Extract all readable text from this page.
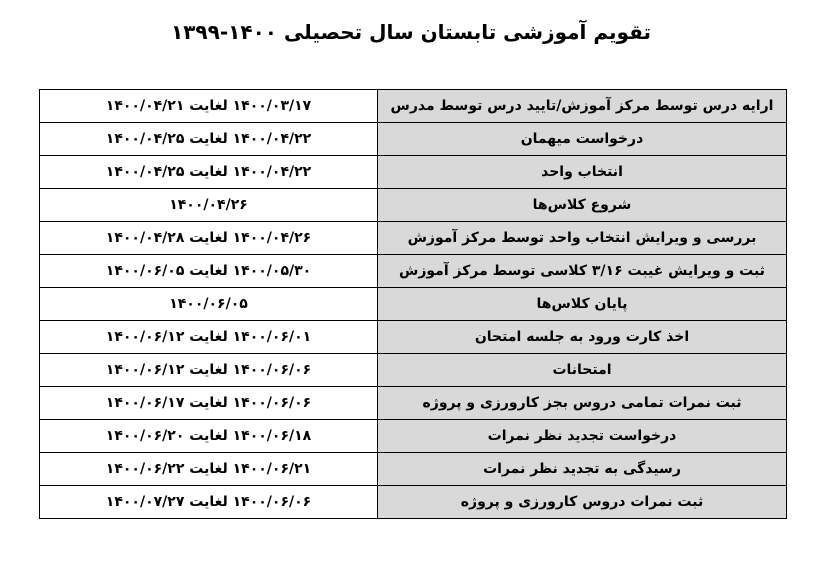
تقویم آموزشی تابستان سال تحصیلی ۱۴۰۰-۱۳۹۹
۱۴۰۰/۰۳/۱۷ لغایت ۱۴۰۰/۰۴/۲۱	ارایه درس توسط مرکز آموزش/تایید درس توسط مدرس
۱۴۰۰/۰۴/۲۲ لغایت ۱۴۰۰/۰۴/۲۵	درخواست میهمان
۱۴۰۰/۰۴/۲۲ لغایت ۱۴۰۰/۰۴/۲۵	انتخاب واحد
۱۴۰۰/۰۴/۲۶	شروع کلاس‌ها
۱۴۰۰/۰۴/۲۶ لغایت ۱۴۰۰/۰۴/۲۸	بررسی و ویرایش انتخاب واحد توسط مرکز آموزش
۱۴۰۰/۰۵/۳۰ لغایت ۱۴۰۰/۰۶/۰۵	ثبت و ویرایش غیبت ۳/۱۶ کلاسی توسط مرکز آموزش
۱۴۰۰/۰۶/۰۵	پایان کلاس‌ها
۱۴۰۰/۰۶/۰۱ لغایت ۱۴۰۰/۰۶/۱۲	اخذ کارت ورود به جلسه امتحان
۱۴۰۰/۰۶/۰۶ لغایت ۱۴۰۰/۰۶/۱۲	امتحانات
۱۴۰۰/۰۶/۰۶ لغایت ۱۴۰۰/۰۶/۱۷	ثبت نمرات تمامی دروس بجز کارورزی و پروژه
۱۴۰۰/۰۶/۱۸ لغایت ۱۴۰۰/۰۶/۲۰	درخواست تجدید نظر نمرات
۱۴۰۰/۰۶/۲۱ لغایت ۱۴۰۰/۰۶/۲۲	رسیدگی به تجدید نظر نمرات
۱۴۰۰/۰۶/۰۶ لغایت ۱۴۰۰/۰۷/۲۷	ثبت نمرات دروس کارورزی و پروژه
